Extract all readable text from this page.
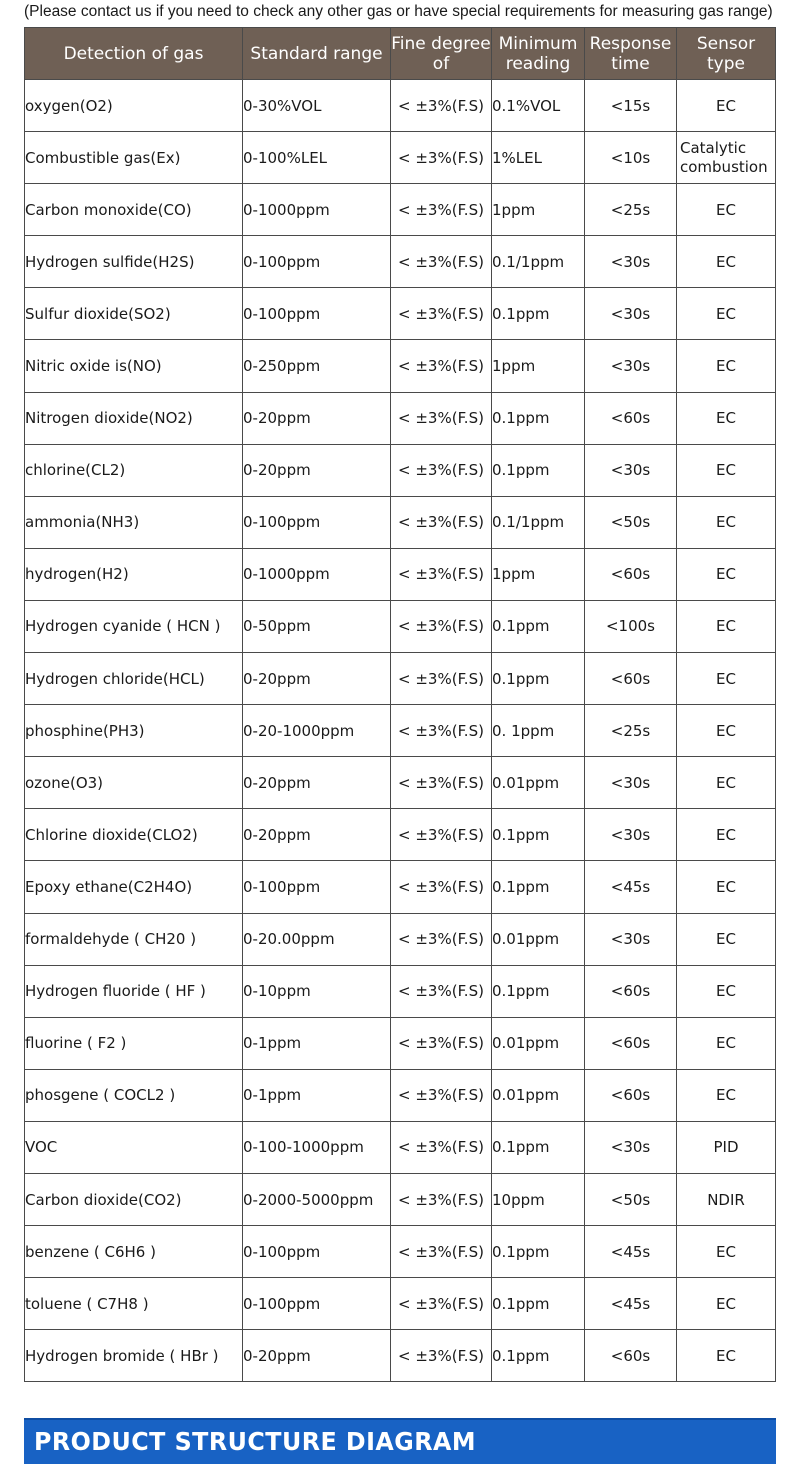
(Please contact us if you need to check any other gas or have special requirements for measuring gas range)
Detection of gas	Standard range	Fine degree of	Minimum reading	Response time	Sensor type
oxygen(O2)	0-30%VOL	< ±3%(F.S)	0.1%VOL	<15s	EC
Combustible gas(Ex)	0-100%LEL	< ±3%(F.S)	1%LEL	<10s	Catalytic combustion
Carbon monoxide(CO)	0-1000ppm	< ±3%(F.S)	1ppm	<25s	EC
Hydrogen sulfide(H2S)	0-100ppm	< ±3%(F.S)	0.1/1ppm	<30s	EC
Sulfur dioxide(SO2)	0-100ppm	< ±3%(F.S)	0.1ppm	<30s	EC
Nitric oxide is(NO)	0-250ppm	< ±3%(F.S)	1ppm	<30s	EC
Nitrogen dioxide(NO2)	0-20ppm	< ±3%(F.S)	0.1ppm	<60s	EC
chlorine(CL2)	0-20ppm	< ±3%(F.S)	0.1ppm	<30s	EC
ammonia(NH3)	0-100ppm	< ±3%(F.S)	0.1/1ppm	<50s	EC
hydrogen(H2)	0-1000ppm	< ±3%(F.S)	1ppm	<60s	EC
Hydrogen cyanide ( HCN )	0-50ppm	< ±3%(F.S)	0.1ppm	<100s	EC
Hydrogen chloride(HCL)	0-20ppm	< ±3%(F.S)	0.1ppm	<60s	EC
phosphine(PH3)	0-20-1000ppm	< ±3%(F.S)	0. 1ppm	<25s	EC
ozone(O3)	0-20ppm	< ±3%(F.S)	0.01ppm	<30s	EC
Chlorine dioxide(CLO2)	0-20ppm	< ±3%(F.S)	0.1ppm	<30s	EC
Epoxy ethane(C2H4O)	0-100ppm	< ±3%(F.S)	0.1ppm	<45s	EC
formaldehyde ( CH20 )	0-20.00ppm	< ±3%(F.S)	0.01ppm	<30s	EC
Hydrogen fluoride ( HF )	0-10ppm	< ±3%(F.S)	0.1ppm	<60s	EC
fluorine ( F2 )	0-1ppm	< ±3%(F.S)	0.01ppm	<60s	EC
phosgene ( COCL2 )	0-1ppm	< ±3%(F.S)	0.01ppm	<60s	EC
VOC	0-100-1000ppm	< ±3%(F.S)	0.1ppm	<30s	PID
Carbon dioxide(CO2)	0-2000-5000ppm	< ±3%(F.S)	10ppm	<50s	NDIR
benzene ( C6H6 )	0-100ppm	< ±3%(F.S)	0.1ppm	<45s	EC
toluene ( C7H8 )	0-100ppm	< ±3%(F.S)	0.1ppm	<45s	EC
Hydrogen bromide ( HBr )	0-20ppm	< ±3%(F.S)	0.1ppm	<60s	EC
PRODUCT STRUCTURE DIAGRAM
